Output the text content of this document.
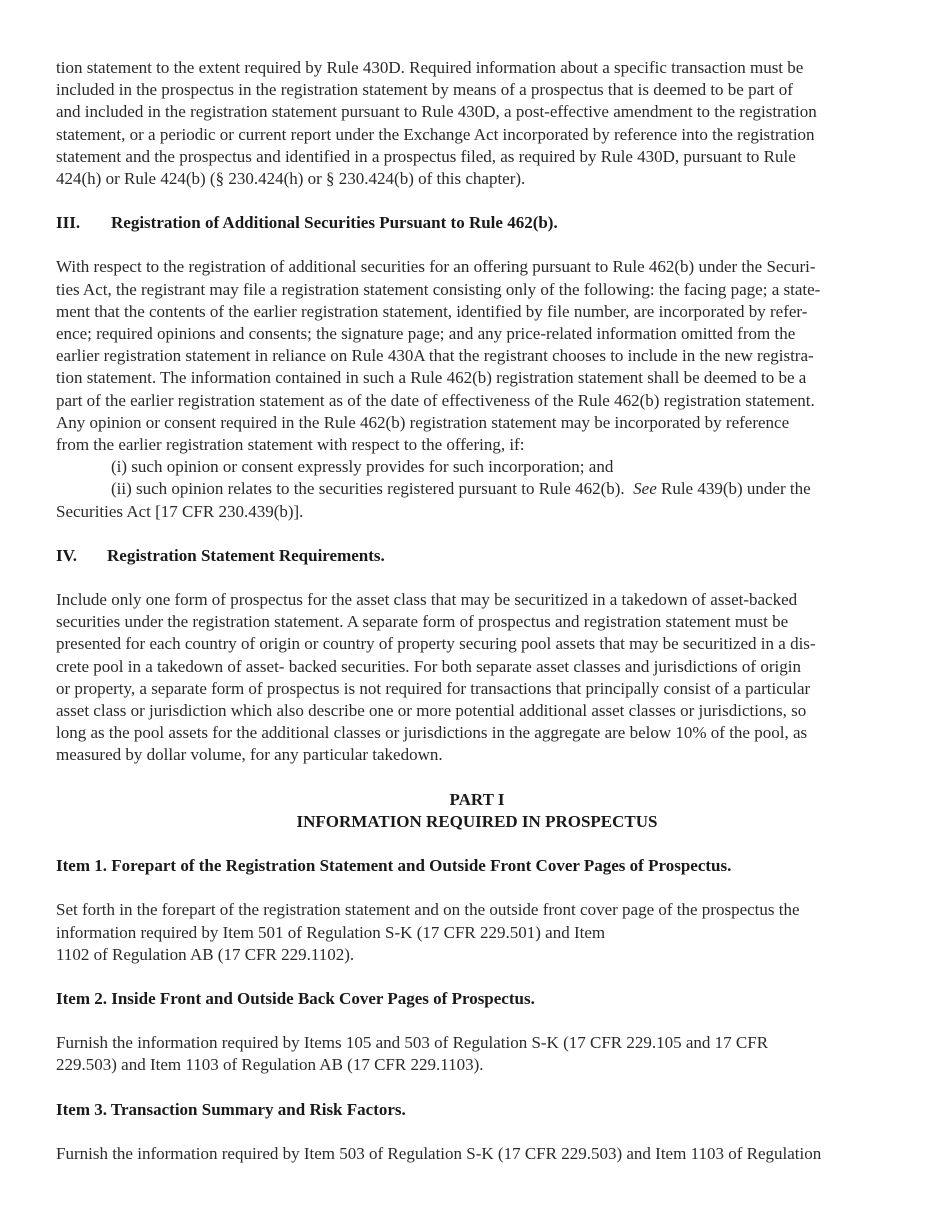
tion statement to the extent required by Rule 430D. Required information about a specific transaction must be

included in the prospectus in the registration statement by means of a prospectus that is deemed to be part of

and included in the registration statement pursuant to Rule 430D, a post-effective amendment to the registration

statement, or a periodic or current report under the Exchange Act incorporated by reference into the registration

statement and the prospectus and identified in a prospectus filed, as required by Rule 430D, pursuant to Rule

424(h) or Rule 424(b) (§ 230.424(h) or § 230.424(b) of this chapter).

III. Registration of Additional Securities Pursuant to Rule 462(b).

With respect to the registration of additional securities for an offering pursuant to Rule 462(b) under the Securi-

ties Act, the registrant may file a registration statement consisting only of the following: the facing page; a state-

ment that the contents of the earlier registration statement, identified by file number, are incorporated by refer-

ence; required opinions and consents; the signature page; and any price-related information omitted from the

earlier registration statement in reliance on Rule 430A that the registrant chooses to include in the new registra-

tion statement. The information contained in such a Rule 462(b) registration statement shall be deemed to be a

part of the earlier registration statement as of the date of effectiveness of the Rule 462(b) registration statement.

Any opinion or consent required in the Rule 462(b) registration statement may be incorporated by reference

from the earlier registration statement with respect to the offering, if:

(i) such opinion or consent expressly provides for such incorporation; and

(ii) such opinion relates to the securities registered pursuant to Rule 462(b).  See Rule 439(b) under the

Securities Act [17 CFR 230.439(b)].

IV. Registration Statement Requirements.

Include only one form of prospectus for the asset class that may be securitized in a takedown of asset-backed

securities under the registration statement. A separate form of prospectus and registration statement must be

presented for each country of origin or country of property securing pool assets that may be securitized in a dis-

crete pool in a takedown of asset- backed securities. For both separate asset classes and jurisdictions of origin

or property, a separate form of prospectus is not required for transactions that principally consist of a particular

asset class or jurisdiction which also describe one or more potential additional asset classes or jurisdictions, so

long as the pool assets for the additional classes or jurisdictions in the aggregate are below 10% of the pool, as

measured by dollar volume, for any particular takedown.

PART I

INFORMATION REQUIRED IN PROSPECTUS

Item 1. Forepart of the Registration Statement and Outside Front Cover Pages of Prospectus.

Set forth in the forepart of the registration statement and on the outside front cover page of the prospectus the

information required by Item 501 of Regulation S-K (17 CFR 229.501) and Item

1102 of Regulation AB (17 CFR 229.1102).

Item 2. Inside Front and Outside Back Cover Pages of Prospectus.

Furnish the information required by Items 105 and 503 of Regulation S-K (17 CFR 229.105 and 17 CFR

229.503) and Item 1103 of Regulation AB (17 CFR 229.1103).

Item 3. Transaction Summary and Risk Factors.

Furnish the information required by Item 503 of Regulation S-K (17 CFR 229.503) and Item 1103 of Regulation
